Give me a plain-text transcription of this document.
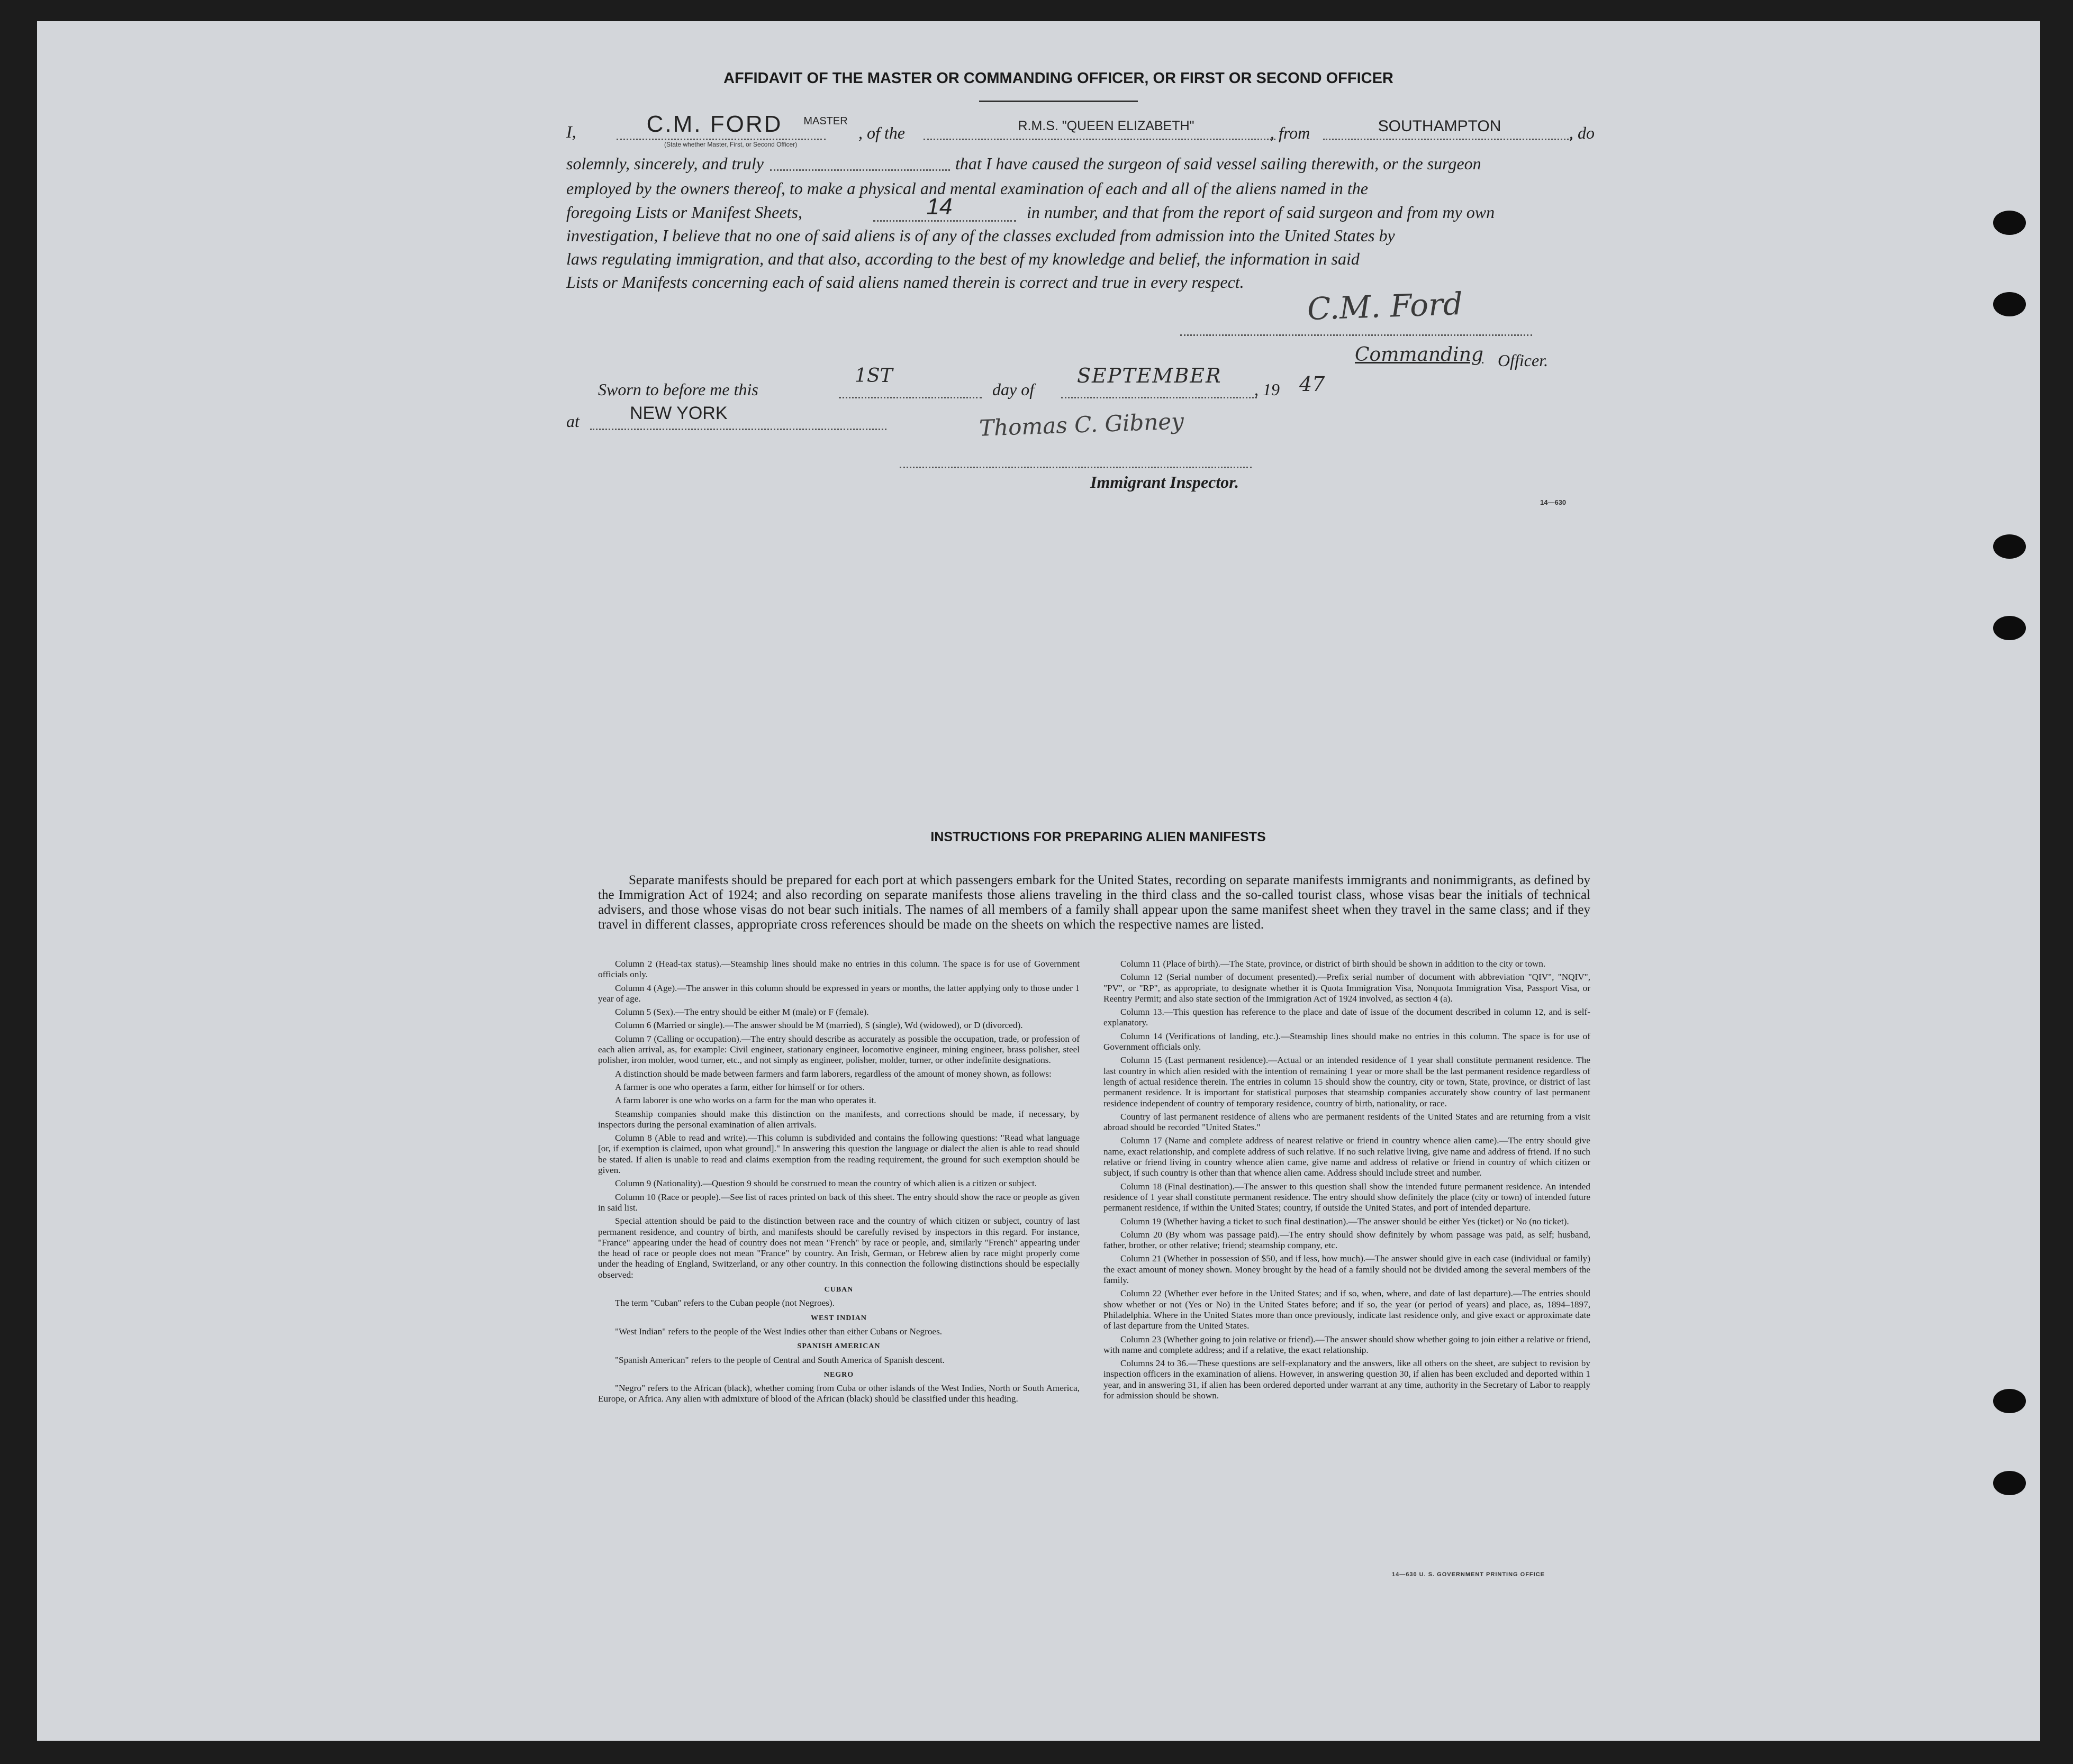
AFFIDAVIT OF THE MASTER OR COMMANDING OFFICER, OR FIRST OR SECOND OFFICER
I,	C.M. FORD	MASTER
(State whether Master, First, or Second Officer)
, of the	R.M.S. "QUEEN ELIZABETH"	, from	SOUTHAMPTON	, do
solemnly, sincerely, and truly	that I have caused the surgeon of said vessel sailing therewith, or the surgeon
employed by the owners thereof, to make a physical and mental examination of each and all of the aliens named in the
foregoing Lists or Manifest Sheets,	14	in number, and that from the report of said surgeon and from my own
investigation, I believe that no one of said aliens is of any of the classes excluded from admission into the United States by
laws regulating immigration, and that also, according to the best of my knowledge and belief, the information in said
Lists or Manifests concerning each of said aliens named therein is correct and true in every respect.
C.M. Ford
Commanding Officer.
Sworn to before me this
1ST
day of
SEPTEMBER
, 19 47
at	NEW YORK	Thomas C. Gibney
Immigrant Inspector.
14—630
INSTRUCTIONS FOR PREPARING ALIEN MANIFESTS
Separate manifests should be prepared for each port at which passengers embark for the United States, recording on separate manifests immigrants and nonimmigrants, as defined by the Immigration Act of 1924; and also recording on separate manifests those aliens traveling in the third class and the so-called tourist class, whose visas bear the initials of technical advisers, and those whose visas do not bear such initials. The names of all members of a family shall appear upon the same manifest sheet when they travel in the same class; and if they travel in different classes, appropriate cross references should be made on the sheets on which the respective names are listed.

Column 2 (Head-tax status).—Steamship lines should make no entries in this column. The space is for use of Government officials only.

Column 4 (Age).—The answer in this column should be expressed in years or months, the latter applying only to those under 1 year of age.

Column 5 (Sex).—The entry should be either M (male) or F (female).

Column 6 (Married or single).—The answer should be M (married), S (single), Wd (widowed), or D (divorced).

Column 7 (Calling or occupation).—The entry should describe as accurately as possible the occupation, trade, or profession of each alien arrival, as, for example: Civil engineer, stationary engineer, locomotive engineer, mining engineer, brass polisher, steel polisher, iron molder, wood turner, etc., and not simply as engineer, polisher, molder, turner, or other indefinite designations.

A distinction should be made between farmers and farm laborers, regardless of the amount of money shown, as follows:

A farmer is one who operates a farm, either for himself or for others.

A farm laborer is one who works on a farm for the man who operates it.

Steamship companies should make this distinction on the manifests, and corrections should be made, if necessary, by inspectors during the personal examination of alien arrivals.

Column 8 (Able to read and write).—This column is subdivided and contains the following questions: "Read what language [or, if exemption is claimed, upon what ground]." In answering this question the language or dialect the alien is able to read should be stated. If alien is unable to read and claims exemption from the reading requirement, the ground for such exemption should be given.

Column 9 (Nationality).—Question 9 should be construed to mean the country of which alien is a citizen or subject.

Column 10 (Race or people).—See list of races printed on back of this sheet. The entry should show the race or people as given in said list.

Special attention should be paid to the distinction between race and the country of which citizen or subject, country of last permanent residence, and country of birth, and manifests should be carefully revised by inspectors in this regard. For instance, "France" appearing under the head of country does not mean "French" by race or people, and, similarly "French" appearing under the head of race or people does not mean "France" by country. An Irish, German, or Hebrew alien by race might properly come under the heading of England, Switzerland, or any other country. In this connection the following distinctions should be especially observed:

CUBAN

The term "Cuban" refers to the Cuban people (not Negroes).

WEST INDIAN

"West Indian" refers to the people of the West Indies other than either Cubans or Negroes.

SPANISH AMERICAN

"Spanish American" refers to the people of Central and South America of Spanish descent.

NEGRO

"Negro" refers to the African (black), whether coming from Cuba or other islands of the West Indies, North or South America, Europe, or Africa. Any alien with admixture of blood of the African (black) should be classified under this heading.

Column 11 (Place of birth).—The State, province, or district of birth should be shown in addition to the city or town.

Column 12 (Serial number of document presented).—Prefix serial number of document with abbreviation "QIV", "NQIV", "PV", or "RP", as appropriate, to designate whether it is Quota Immigration Visa, Nonquota Immigration Visa, Passport Visa, or Reentry Permit; and also state section of the Immigration Act of 1924 involved, as section 4 (a).

Column 13.—This question has reference to the place and date of issue of the document described in column 12, and is self-explanatory.

Column 14 (Verifications of landing, etc.).—Steamship lines should make no entries in this column. The space is for use of Government officials only.

Column 15 (Last permanent residence).—Actual or an intended residence of 1 year shall constitute permanent residence. The last country in which alien resided with the intention of remaining 1 year or more shall be the last permanent residence regardless of length of actual residence therein. The entries in column 15 should show the country, city or town, State, province, or district of last permanent residence. It is important for statistical purposes that steamship companies accurately show country of last permanent residence independent of country of temporary residence, country of birth, nationality, or race.

Country of last permanent residence of aliens who are permanent residents of the United States and are returning from a visit abroad should be recorded "United States."

Column 17 (Name and complete address of nearest relative or friend in country whence alien came).—The entry should give name, exact relationship, and complete address of such relative. If no such relative living, give name and address of friend. If no such relative or friend living in country whence alien came, give name and address of relative or friend in country of which citizen or subject, if such country is other than that whence alien came. Address should include street and number.

Column 18 (Final destination).—The answer to this question shall show the intended future permanent residence. An intended residence of 1 year shall constitute permanent residence. The entry should show definitely the place (city or town) of intended future permanent residence, if within the United States; country, if outside the United States, and port of intended departure.

Column 19 (Whether having a ticket to such final destination).—The answer should be either Yes (ticket) or No (no ticket).

Column 20 (By whom was passage paid).—The entry should show definitely by whom passage was paid, as self; husband, father, brother, or other relative; friend; steamship company, etc.

Column 21 (Whether in possession of $50, and if less, how much).—The answer should give in each case (individual or family) the exact amount of money shown. Money brought by the head of a family should not be divided among the several members of the family.

Column 22 (Whether ever before in the United States; and if so, when, where, and date of last departure).—The entries should show whether or not (Yes or No) in the United States before; and if so, the year (or period of years) and place, as, 1894–1897, Philadelphia. Where in the United States more than once previously, indicate last residence only, and give exact or approximate date of last departure from the United States.

Column 23 (Whether going to join relative or friend).—The answer should show whether going to join either a relative or friend, with name and complete address; and if a relative, the exact relationship.

Columns 24 to 36.—These questions are self-explanatory and the answers, like all others on the sheet, are subject to revision by inspection officers in the examination of aliens. However, in answering question 30, if alien has been excluded and deported within 1 year, and in answering 31, if alien has been ordered deported under warrant at any time, authority in the Secretary of Labor to reapply for admission should be shown.

14—630 U. S. GOVERNMENT PRINTING OFFICE
